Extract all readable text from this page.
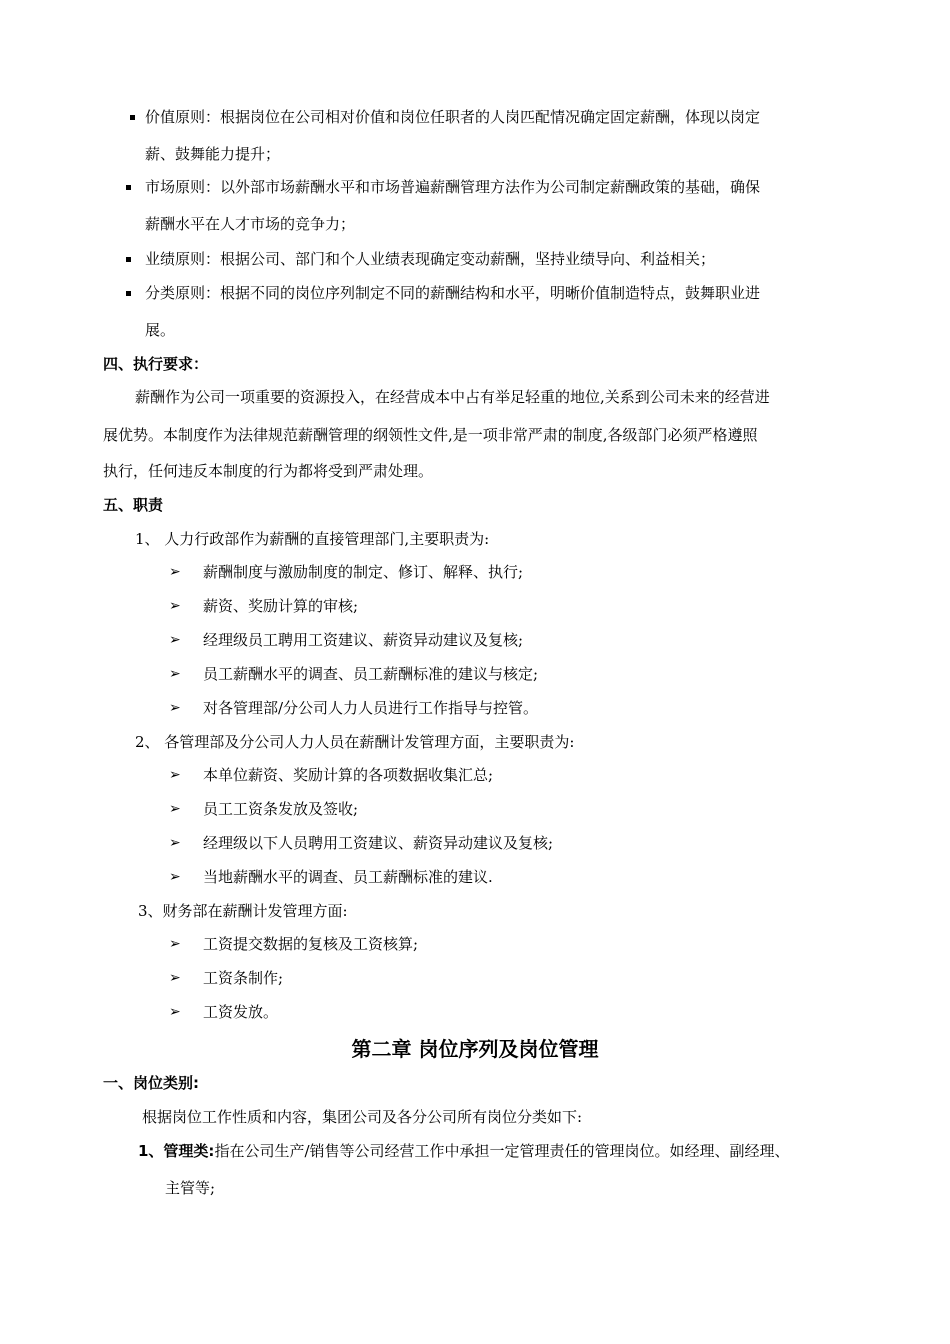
价值原则：根据岗位在公司相对价值和岗位任职者的人岗匹配情况确定固定薪酬，体现以岗定
薪、鼓舞能力提升；
市场原则：以外部市场薪酬水平和市场普遍薪酬管理方法作为公司制定薪酬政策的基础，确保
薪酬水平在人才市场的竞争力；
业绩原则：根据公司、部门和个人业绩表现确定变动薪酬，坚持业绩导向、利益相关；
分类原则：根据不同的岗位序列制定不同的薪酬结构和水平，明晰价值制造特点，鼓舞职业进
展。
四、执行要求：
薪酬作为公司一项重要的资源投入，在经营成本中占有举足轻重的地位,关系到公司未来的经营进
展优势。本制度作为法律规范薪酬管理的纲领性文件,是一项非常严肃的制度,各级部门必须严格遵照
执行，任何违反本制度的行为都将受到严肃处理。
五、职责
1、 人力行政部作为薪酬的直接管理部门,主要职责为:
➢ 薪酬制度与激励制度的制定、修订、解释、执行;
➢ 薪资、奖励计算的审核;
➢ 经理级员工聘用工资建议、薪资异动建议及复核;
➢ 员工薪酬水平的调查、员工薪酬标准的建议与核定;
➢ 对各管理部/分公司人力人员进行工作指导与控管。
2、 各管理部及分公司人力人员在薪酬计发管理方面，主要职责为:
➢ 本单位薪资、奖励计算的各项数据收集汇总;
➢ 员工工资条发放及签收;
➢ 经理级以下人员聘用工资建议、薪资异动建议及复核;
➢ 当地薪酬水平的调查、员工薪酬标准的建议.
3、财务部在薪酬计发管理方面:
➢ 工资提交数据的复核及工资核算;
➢ 工资条制作;
➢ 工资发放。
第二章 岗位序列及岗位管理
一、岗位类别:
根据岗位工作性质和内容，集团公司及各分公司所有岗位分类如下:
1、管理类:指在公司生产/销售等公司经营工作中承担一定管理责任的管理岗位。如经理、副经理、
主管等;
